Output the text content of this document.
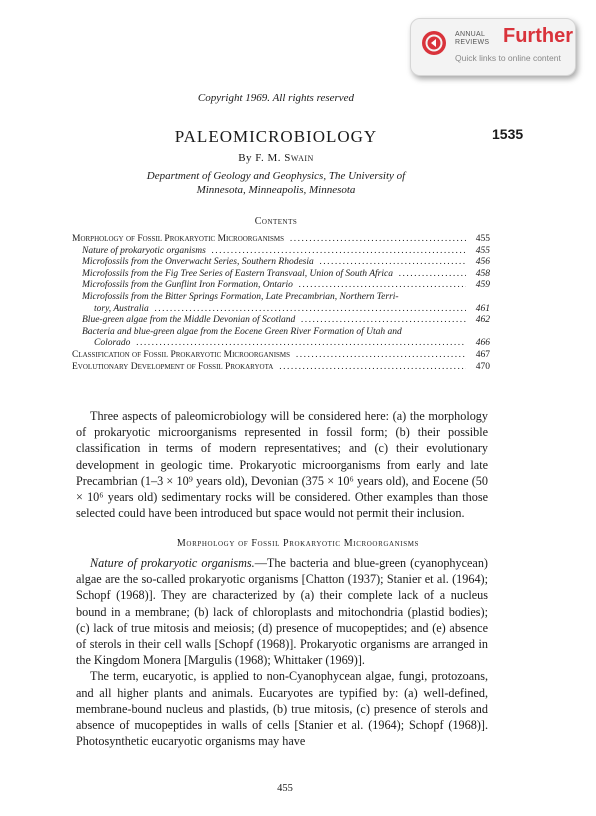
ANNUAL
REVIEWS Further
Quick links to online content
Copyright 1969. All rights reserved
PALEOMICROBIOLOGY	1535
By F. M. Swain
Department of Geology and Geophysics, The University of
Minnesota, Minneapolis, Minnesota
Contents
Morphology of Fossil Prokaryotic Microorganisms .....	455
Nature of prokaryotic organisms .....	455
Microfossils from the Onverwacht Series, Southern Rhodesia .....	456
Microfossils from the Fig Tree Series of Eastern Transvaal, Union of South Africa .....	458
Microfossils from the Gunflint Iron Formation, Ontario .....	459
Microfossils from the Bitter Springs Formation, Late Precambrian, Northern Terri-
tory, Australia .....	461
Blue-green algae from the Middle Devonian of Scotland .....	462
Bacteria and blue-green algae from the Eocene Green River Formation of Utah and
Colorado .....	466
Classification of Fossil Prokaryotic Microorganisms .....	467
Evolutionary Development of Fossil Prokaryota .....	470

Three aspects of paleomicrobiology will be considered here: (a) the morphology of prokaryotic microorganisms represented in fossil form; (b) their possible classification in terms of modern representatives; and (c) their evolutionary development in geologic time. Prokaryotic microorganisms from early and late Precambrian (1–3 × 10⁹ years old), Devonian (375 × 10⁶ years old), and Eocene (50 × 10⁶ years old) sedimentary rocks will be considered. Other examples than those selected could have been introduced but space would not permit their inclusion.

Morphology of Fossil Prokaryotic Microorganisms

Nature of prokaryotic organisms.—The bacteria and blue-green (cyanophycean) algae are the so-called prokaryotic organisms [Chatton (1937); Stanier et al. (1964); Schopf (1968)]. They are characterized by (a) their complete lack of a nucleus bound in a membrane; (b) lack of chloroplasts and mitochondria (plastid bodies); (c) lack of true mitosis and meiosis; (d) presence of mucopeptides; and (e) absence of sterols in their cell walls [Schopf (1968)]. Prokaryotic organisms are arranged in the Kingdom Monera [Margulis (1968); Whittaker (1969)].

The term, eucaryotic, is applied to non-Cyanophycean algae, fungi, protozoans, and all higher plants and animals. Eucaryotes are typified by: (a) well-defined, membrane-bound nucleus and plastids, (b) true mitosis, (c) presence of sterols and absence of mucopeptides in walls of cells [Stanier et al. (1964); Schopf (1968)]. Photosynthetic eucaryotic organisms may have

455
